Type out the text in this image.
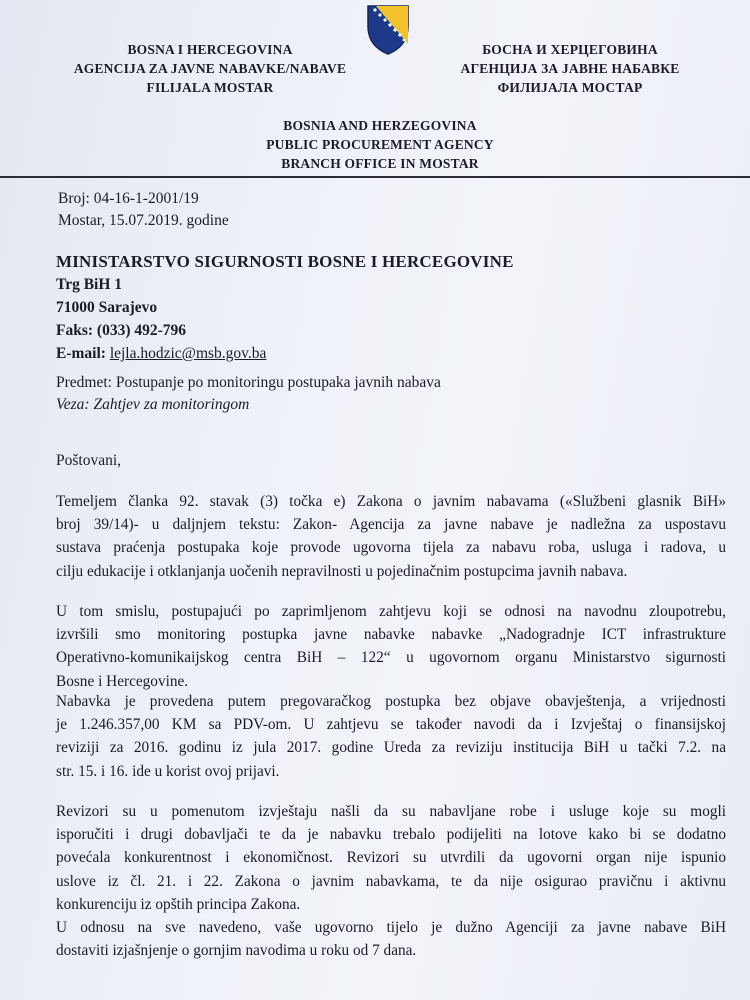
BOSNA I HERCEGOVINA
AGENCIJA ZA JAVNE NABAVKE/NABAVE
FILIJALA MOSTAR
БОСНА И ХЕРЦЕГОВИНА
АГЕНЦИЈА ЗА ЈАВНЕ НАБАВКЕ
ФИЛИЈАЛА МОСТАР
BOSNIA AND HERZEGOVINA
PUBLIC PROCUREMENT AGENCY
BRANCH OFFICE IN MOSTAR
Broj: 04-16-1-2001/19
Mostar, 15.07.2019. godine
MINISTARSTVO SIGURNOSTI BOSNE I HERCEGOVINE
Trg BiH 1
71000 Sarajevo
Faks: (033) 492-796
E-mail: lejla.hodzic@msb.gov.ba
Predmet: Postupanje po monitoringu postupaka javnih nabava
Veza: Zahtjev za monitoringom
Poštovani,
Temeljem članka 92. stavak (3) točka e) Zakona o javnim nabavama («Službeni glasnik BiH»
broj 39/14)- u daljnjem tekstu: Zakon- Agencija za javne nabave je nadležna za uspostavu
sustava praćenja postupaka koje provode ugovorna tijela za nabavu roba, usluga i radova, u
cilju edukacije i otklanjanja uočenih nepravilnosti u pojedinačnim postupcima javnih nabava.
U tom smislu, postupajući po zaprimljenom zahtjevu koji se odnosi na navodnu zloupotrebu,
izvršili smo monitoring postupka javne nabavke nabavke „Nadogradnje ICT infrastrukture
Operativno-komunikaijskog centra BiH – 122“ u ugovornom organu Ministarstvo sigurnosti
Bosne i Hercegovine.
Nabavka je provedena putem pregovaračkog postupka bez objave obavještenja, a vrijednosti
je 1.246.357,00 KM sa PDV-om. U zahtjevu se također navodi da i Izvještaj o finansijskoj
reviziji za 2016. godinu iz jula 2017. godine Ureda za reviziju institucija BiH u tački 7.2. na
str. 15. i 16. ide u korist ovoj prijavi.
Revizori su u pomenutom izvještaju našli da su nabavljane robe i usluge koje su mogli
isporučiti i drugi dobavljači te da je nabavku trebalo podijeliti na lotove kako bi se dodatno
povećala konkurentnost i ekonomičnost. Revizori su utvrdili da ugovorni organ nije ispunio
uslove iz čl. 21. i 22. Zakona o javnim nabavkama, te da nije osigurao pravičnu i aktivnu
konkurenciju iz opštih principa Zakona.
U odnosu na sve navedeno, vaše ugovorno tijelo je dužno Agenciji za javne nabave BiH
dostaviti izjašnjenje o gornjim navodima u roku od 7 dana.
